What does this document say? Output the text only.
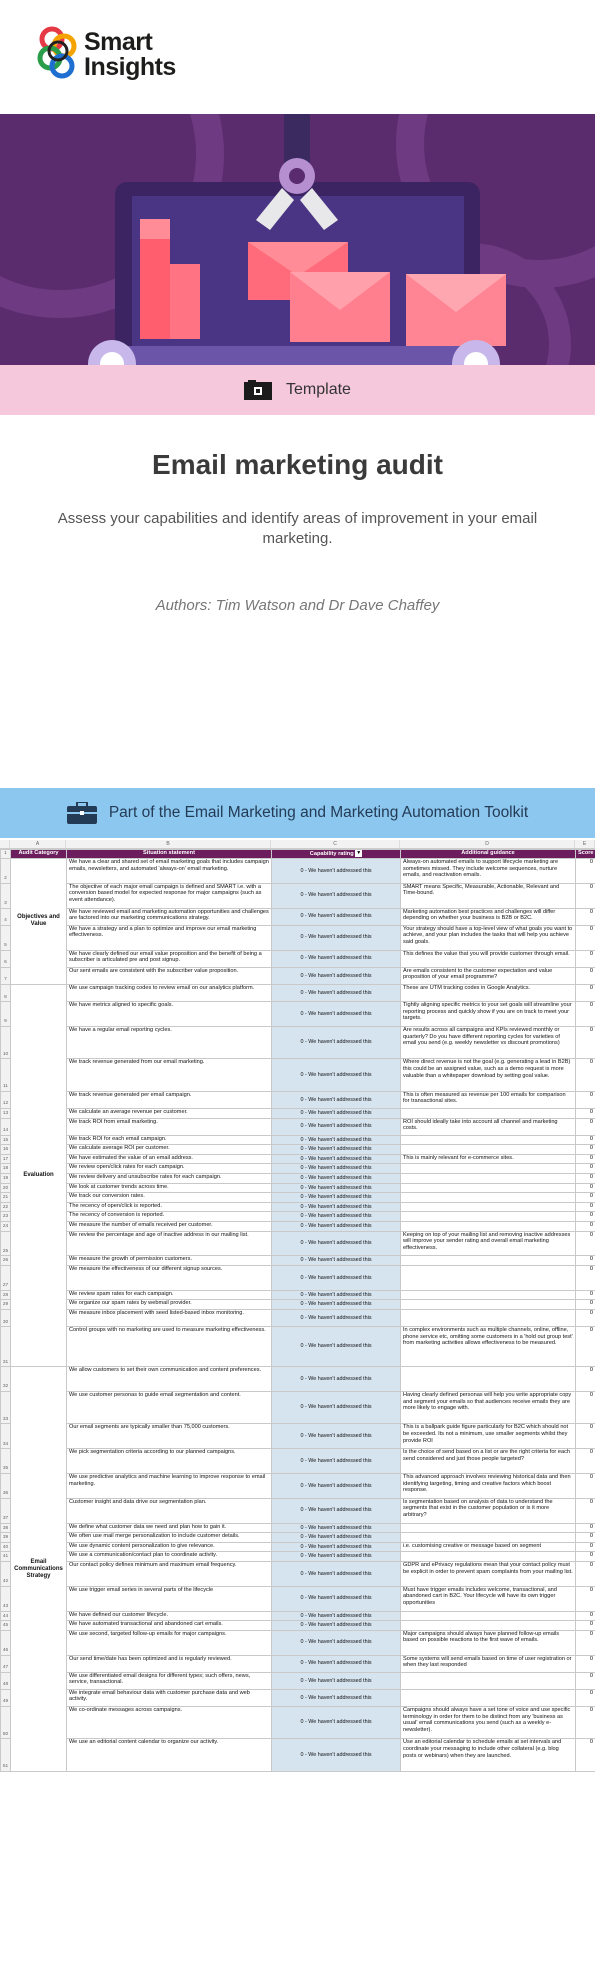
Smart
Insights
Template
Email marketing audit
Assess your capabilities and identify areas of improvement in your email marketing.
Authors: Tim Watson and Dr Dave Chaffey
Part of the Email Marketing and Marketing Automation Toolkit
A	B	C	D	E
1	Audit Category	Situation statement	Capability rating ▼	Additional guidance	Score
2	Objectives and Value	We have a clear and shared set of email marketing goals that includes campaign emails, newsletters, and automated 'always-on' email marketing.	0 - We haven't addressed this	Always-on automated emails to support lifecycle marketing are sometimes missed. They include welcome sequences, nurture emails, and reactivation emails.	0
3		The objective of each major email campaign is defined and SMART i.e. with a conversion based model for expected response for major campaigns (such as event attendance).	0 - We haven't addressed this	SMART means Specific, Measurable, Actionable, Relevant and Time-bound.	0
4		We have reviewed email and marketing automation opportunities and challenges are factored into our marketing communications strategy.	0 - We haven't addressed this	Marketing automation best practices and challenges will differ depending on whether your business is B2B or B2C.	0
5		We have a strategy and a plan to optimize and improve our email marketing effectiveness.	0 - We haven't addressed this	Your strategy should have a top-level view of what goals you want to achieve, and your plan includes the tasks that will help you achieve said goals.	0
6		We have clearly defined our email value proposition and the benefit of being a subscriber is articulated pre and post signup.	0 - We haven't addressed this	This defines the value that you will provide customer through email.	0
7		Our sent emails are consistent with the subscriber value proposition.	0 - We haven't addressed this	Are emails consistent to the customer expectation and value proposition of your email programme?	0
8	Evaluation	We use campaign tracking codes to review email on our analytics platform.	0 - We haven't addressed this	These are UTM tracking codes in Google Analytics.	0
9		We have metrics aligned to specific goals.	0 - We haven't addressed this	Tightly aligning specific metrics to your set goals will streamline your reporting process and quickly show if you are on track to meet your targets.	0
10		We have a regular email reporting cycles.	0 - We haven't addressed this	Are results across all campaigns and KPIs reviewed monthly or quarterly? Do you have different reporting cycles for varieties of email you send (e.g. weekly newsletter vs discount promotions)	0
11		We track revenue generated from our email marketing.	0 - We haven't addressed this	Where direct revenue is not the goal (e.g. generating a lead in B2B) this could be an assigned value, such as a demo request is more valuable than a whitepaper download by setting goal value.	0
12		We track revenue generated per email campaign.	0 - We haven't addressed this	This is often measured as revenue per 100 emails for comparison for transactional sites.	0
13		We calculate an average revenue per customer.	0 - We haven't addressed this		0
14		We track ROI from email marketing.	0 - We haven't addressed this	ROI should ideally take into account all channel and marketing costs.	0
15		We track ROI for each email campaign.	0 - We haven't addressed this		0
16		We calculate average ROI per customer.	0 - We haven't addressed this		0
17		We have estimated the value of an email address.	0 - We haven't addressed this	This is mainly relevant for e-commerce sites.	0
18		We review open/click rates for each campaign.	0 - We haven't addressed this		0
19		We review delivery and unsubscribe rates for each campaign.	0 - We haven't addressed this		0
20		We look at customer trends across time.	0 - We haven't addressed this		0
21		We track our conversion rates.	0 - We haven't addressed this		0
22		The recency of open/click is reported.	0 - We haven't addressed this		0
23		The recency of conversion is reported.	0 - We haven't addressed this		0
24		We measure the number of emails received per customer.	0 - We haven't addressed this		0
25		We review the percentage and age of inactive address in our mailing list.	0 - We haven't addressed this	Keeping on top of your mailing list and removing inactive addresses will improve your sender rating and overall email marketing effectiveness.	0
26		We measure the growth of permission customers.	0 - We haven't addressed this		0
27		We measure the effectiveness of our different signup sources.	0 - We haven't addressed this		0
28		We review spam rates for each campaign.	0 - We haven't addressed this		0
29		We organize our spam rates by webmail provider.	0 - We haven't addressed this		0
30		We measure inbox placement with seed listed-based inbox monitoring.	0 - We haven't addressed this		0
31		Control groups with no marketing are used to measure marketing effectiveness.	0 - We haven't addressed this	In complex environments such as multiple channels, online, offline, phone service etc, omitting some customers in a 'hold out group test' from marketing activities allows effectiveness to be measured.	0
32	Email Communications Strategy	We allow customers to set their own communication and content preferences.	0 - We haven't addressed this		0
33		We use customer personas to guide email segmentation and content.	0 - We haven't addressed this	Having clearly defined personas will help you write appropriate copy and segment your emails so that audiences receive emails they are more likely to engage with.	0
34		Our email segments are typically smaller than 75,000 customers.	0 - We haven't addressed this	This is a ballpark guide figure particularly for B2C which should not be exceeded. Its not a minimum, use smaller segments whilst they provide ROI	0
35		We pick segmentation criteria according to our planned campaigns.	0 - We haven't addressed this	Is the choice of send based on a list or are the right criteria for each send considered and just those people targeted?	0
36		We use predictive analytics and machine learning to improve response to email marketing.	0 - We haven't addressed this	This advanced approach involves reviewing historical data and then identifying targeting, timing and creative factors which boost response.	0
37		Customer insight and data drive our segmentation plan.	0 - We haven't addressed this	Is segmentation based on analysis of data to understand the segments that exist in the customer population or is it more arbitrary?	0
38		We define what customer data we need and plan how to gain it.	0 - We haven't addressed this		0
39		We often use mail merge personalization to include customer details.	0 - We haven't addressed this		0
40		We use dynamic content personalization to give relevance.	0 - We haven't addressed this	i.e. customising creative or message based on segment	0
41		We use a communication/contact plan to coordinate activity.	0 - We haven't addressed this		0
42		Our contact policy defines minimum and maximum email frequency.	0 - We haven't addressed this	GDPR and ePrivacy regulations mean that your contact policy must be explicit in order to prevent spam complaints from your mailing list.	0
43		We use trigger email series in several parts of the lifecycle	0 - We haven't addressed this	Must have trigger emails includes welcome, transactional, and abandoned cart in B2C. Your lifecycle will have its own trigger opportunities	0
44		We have defined our customer lifecycle.	0 - We haven't addressed this		0
45		We have automated transactional and abandoned cart emails.	0 - We haven't addressed this		0
46		We use second, targeted follow-up emails for major campaigns.	0 - We haven't addressed this	Major campaigns should always have planned follow-up emails based on possible reactions to the first wave of emails.	0
47		Our send time/date has been optimized and is regularly reviewed.	0 - We haven't addressed this	Some systems will send emails based on time of user registration or when they last responded	0
48		We use differentiated email designs for different types; such offers, news, service, transactional.	0 - We haven't addressed this		0
49		We integrate email behaviour data with customer purchase data and web activity.	0 - We haven't addressed this		0
50		We co-ordinate messages across campaigns.	0 - We haven't addressed this	Campaigns should always have a set tone of voice and use specific terminology in order for them to be distinct from any 'business as usual' email communications you send (such as a weekly e-newsletter).	0
51		We use an editorial content calendar to organize our activity.	0 - We haven't addressed this	Use an editorial calendar to schedule emails at set intervals and coordinate your messaging to include other collateral (e.g. blog posts or webinars) when they are launched.	0
